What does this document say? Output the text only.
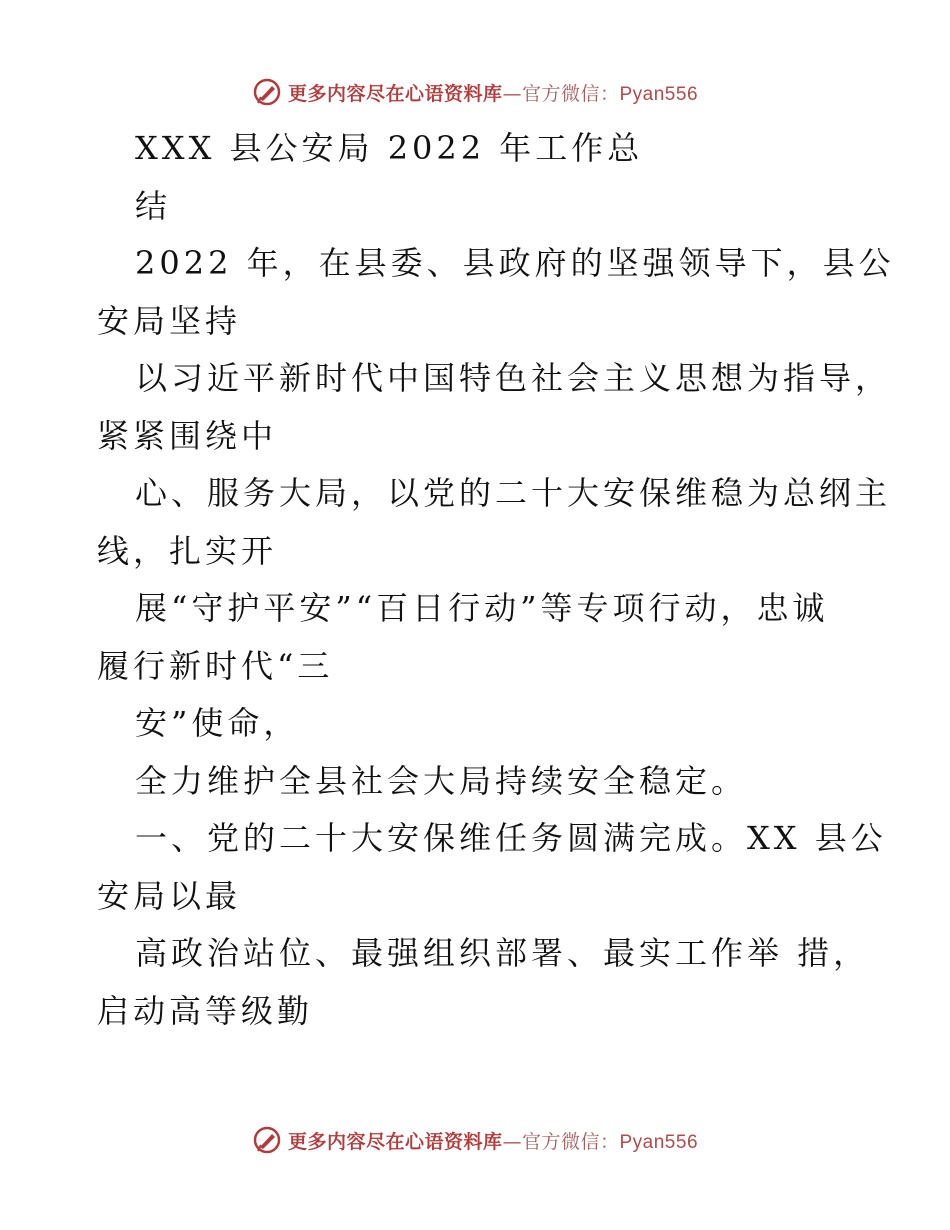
更多内容尽在心语资料库—官方微信：Pyan556
XXX 县公安局 2022 年工作总
结
2022 年，在县委、县政府的坚强领导下，县公
安局坚持
以习近平新时代中国特色社会主义思想为指导，
紧紧围绕中
心、服务大局，以党的二十大安保维稳为总纲主
线，扎实开
展“守护平安”“百日行动”等专项行动，忠诚
履行新时代“三
安”使命，
全力维护全县社会大局持续安全稳定。
一、党的二十大安保维任务圆满完成。XX 县公
安局以最
高政治站位、最强组织部署、最实工作举 措，
启动高等级勤
更多内容尽在心语资料库—官方微信：Pyan556
